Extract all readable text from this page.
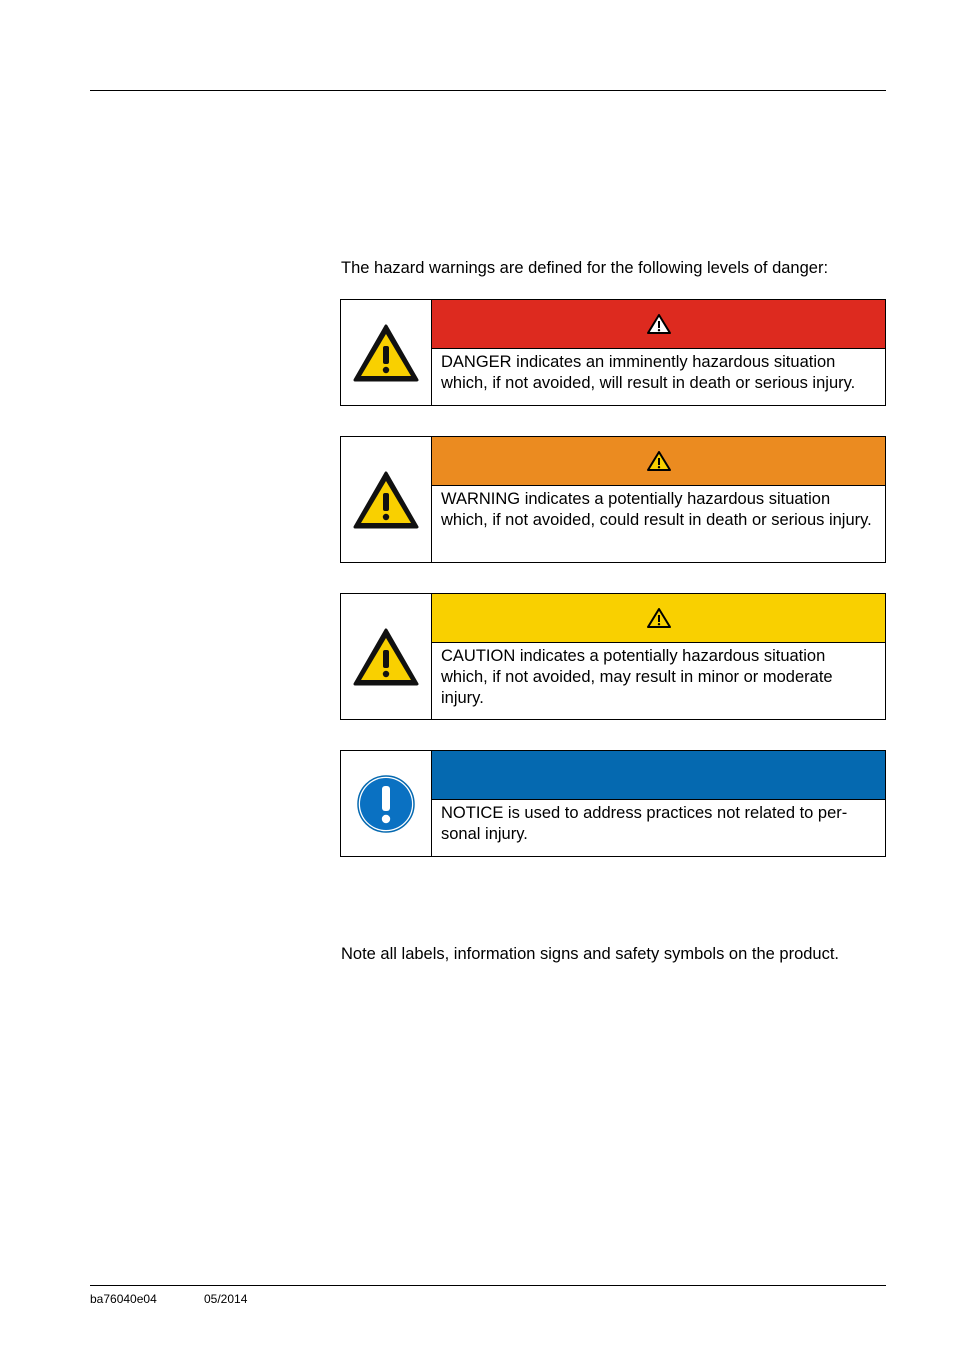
The hazard warnings are defined for the following levels of danger:
DANGER indicates an imminently hazardous situation which, if not avoided, will result in death or serious injury.
WARNING indicates a potentially hazardous situation which, if not avoided, could result in death or serious injury.
CAUTION indicates a potentially hazardous situation which, if not avoided, may result in minor or moderate injury.
NOTICE is used to address practices not related to per-sonal injury.
Note all labels, information signs and safety symbols on the product.
ba76040e04	05/2014
